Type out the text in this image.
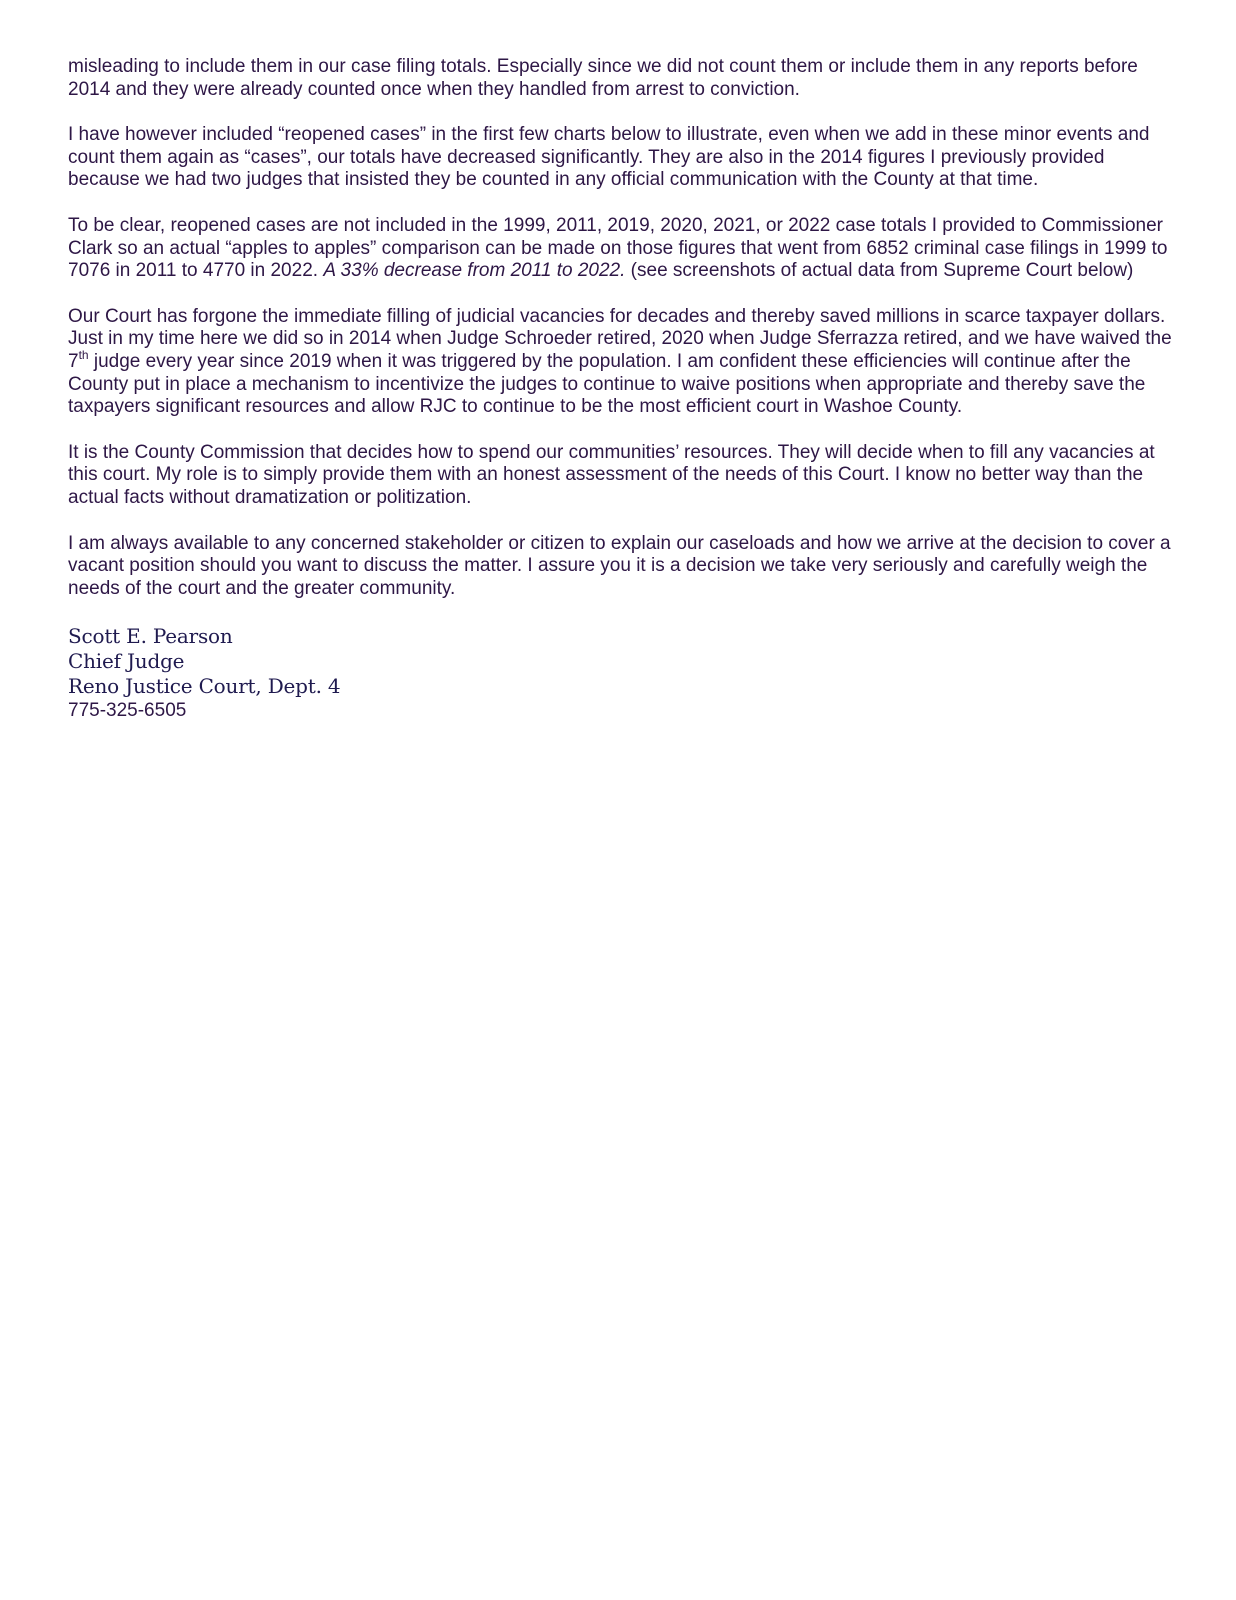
misleading to include them in our case filing totals. Especially since we did not count them or include them in any reports before 2014 and they were already counted once when they handled from arrest to conviction.

I have however included “reopened cases” in the first few charts below to illustrate, even when we add in these minor events and count them again as “cases”, our totals have decreased significantly. They are also in the 2014 figures I previously provided because we had two judges that insisted they be counted in any official communication with the County at that time.

To be clear, reopened cases are not included in the 1999, 2011, 2019, 2020, 2021, or 2022 case totals I provided to Commissioner Clark so an actual “apples to apples” comparison can be made on those figures that went from 6852 criminal case filings in 1999 to 7076 in 2011 to 4770 in 2022. A 33% decrease from 2011 to 2022. (see screenshots of actual data from Supreme Court below)

Our Court has forgone the immediate filling of judicial vacancies for decades and thereby saved millions in scarce taxpayer dollars. Just in my time here we did so in 2014 when Judge Schroeder retired, 2020 when Judge Sferrazza retired, and we have waived the 7th judge every year since 2019 when it was triggered by the population. I am confident these efficiencies will continue after the County put in place a mechanism to incentivize the judges to continue to waive positions when appropriate and thereby save the taxpayers significant resources and allow RJC to continue to be the most efficient court in Washoe County.

It is the County Commission that decides how to spend our communities’ resources. They will decide when to fill any vacancies at this court. My role is to simply provide them with an honest assessment of the needs of this Court. I know no better way than the actual facts without dramatization or politization.

I am always available to any concerned stakeholder or citizen to explain our caseloads and how we arrive at the decision to cover a vacant position should you want to discuss the matter. I assure you it is a decision we take very seriously and carefully weigh the needs of the court and the greater community.

Scott E. Pearson
Chief Judge
Reno Justice Court, Dept. 4
775-325-6505
